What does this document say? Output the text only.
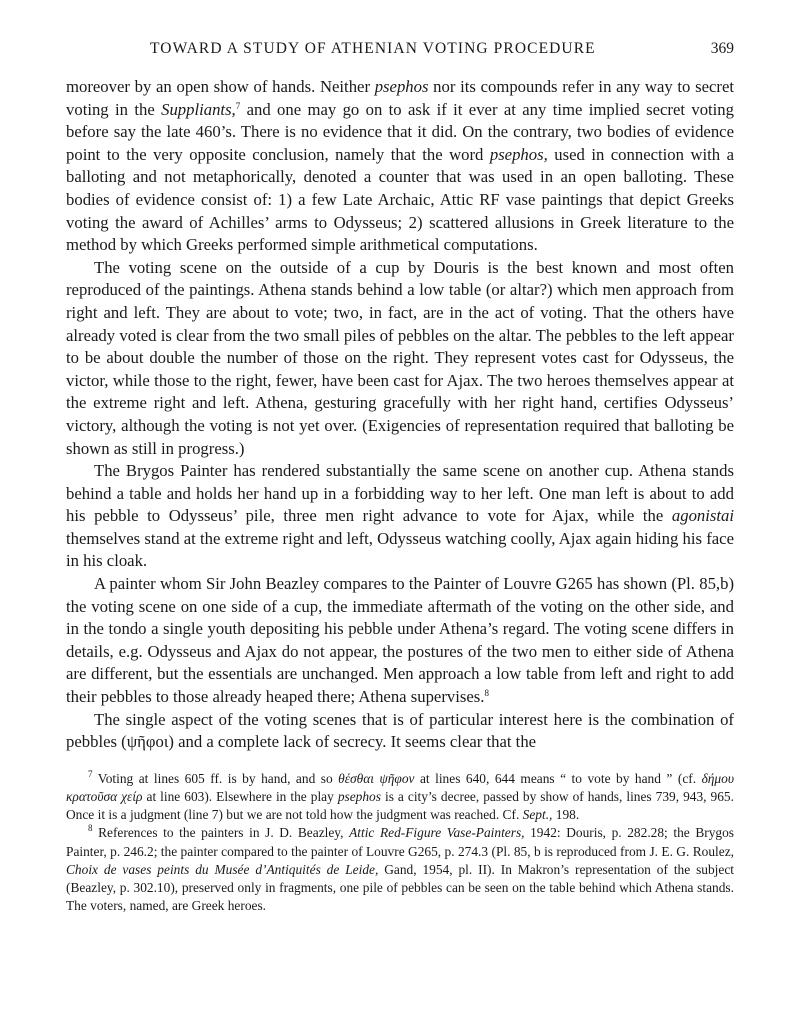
TOWARD A STUDY OF ATHENIAN VOTING PROCEDURE	369

moreover by an open show of hands. Neither psephos nor its compounds refer in any way to secret voting in the Suppliants,$^7$ and one may go on to ask if it ever at any time implied secret voting before say the late 460’s. There is no evidence that it did. On the contrary, two bodies of evidence point to the very opposite conclusion, namely that the word psephos, used in connection with a balloting and not metaphorically, denoted a counter that was used in an open balloting. These bodies of evidence consist of: 1) a few Late Archaic, Attic RF vase paintings that depict Greeks voting the award of Achilles’ arms to Odysseus; 2) scattered allusions in Greek literature to the method by which Greeks performed simple arithmetical computations.

The voting scene on the outside of a cup by Douris is the best known and most often reproduced of the paintings. Athena stands behind a low table (or altar?) which men approach from right and left. They are about to vote; two, in fact, are in the act of voting. That the others have already voted is clear from the two small piles of pebbles on the altar. The pebbles to the left appear to be about double the number of those on the right. They represent votes cast for Odysseus, the victor, while those to the right, fewer, have been cast for Ajax. The two heroes themselves appear at the extreme right and left. Athena, gesturing gracefully with her right hand, certifies Odysseus’ victory, although the voting is not yet over. (Exigencies of representation required that balloting be shown as still in progress.)

The Brygos Painter has rendered substantially the same scene on another cup. Athena stands behind a table and holds her hand up in a forbidding way to her left. One man left is about to add his pebble to Odysseus’ pile, three men right advance to vote for Ajax, while the agonistai themselves stand at the extreme right and left, Odysseus watching coolly, Ajax again hiding his face in his cloak.

A painter whom Sir John Beazley compares to the Painter of Louvre G265 has shown (Pl. 85,b) the voting scene on one side of a cup, the immediate aftermath of the voting on the other side, and in the tondo a single youth depositing his pebble under Athena’s regard. The voting scene differs in details, e.g. Odysseus and Ajax do not appear, the postures of the two men to either side of Athena are different, but the essentials are unchanged. Men approach a low table from left and right to add their pebbles to those already heaped there; Athena supervises.$^8$

The single aspect of the voting scenes that is of particular interest here is the combination of pebbles (ψῆφοι) and a complete lack of secrecy. It seems clear that the

$^7$ Voting at lines 605 ff. is by hand, and so θέσθαι ψῆφον at lines 640, 644 means “ to vote by hand ” (cf. δήμου κρατοῦσα χείρ at line 603). Elsewhere in the play psephos is a city’s decree, passed by show of hands, lines 739, 943, 965. Once it is a judgment (line 7) but we are not told how the judgment was reached. Cf. Sept., 198.

$^8$ References to the painters in J. D. Beazley, Attic Red-Figure Vase-Painters, 1942: Douris, p. 282.28; the Brygos Painter, p. 246.2; the painter compared to the painter of Louvre G265, p. 274.3 (Pl. 85, b is reproduced from J. E. G. Roulez, Choix de vases peints du Musée d’Antiquités de Leide, Gand, 1954, pl. II). In Makron’s representation of the subject (Beazley, p. 302.10), preserved only in fragments, one pile of pebbles can be seen on the table behind which Athena stands. The voters, named, are Greek heroes.
